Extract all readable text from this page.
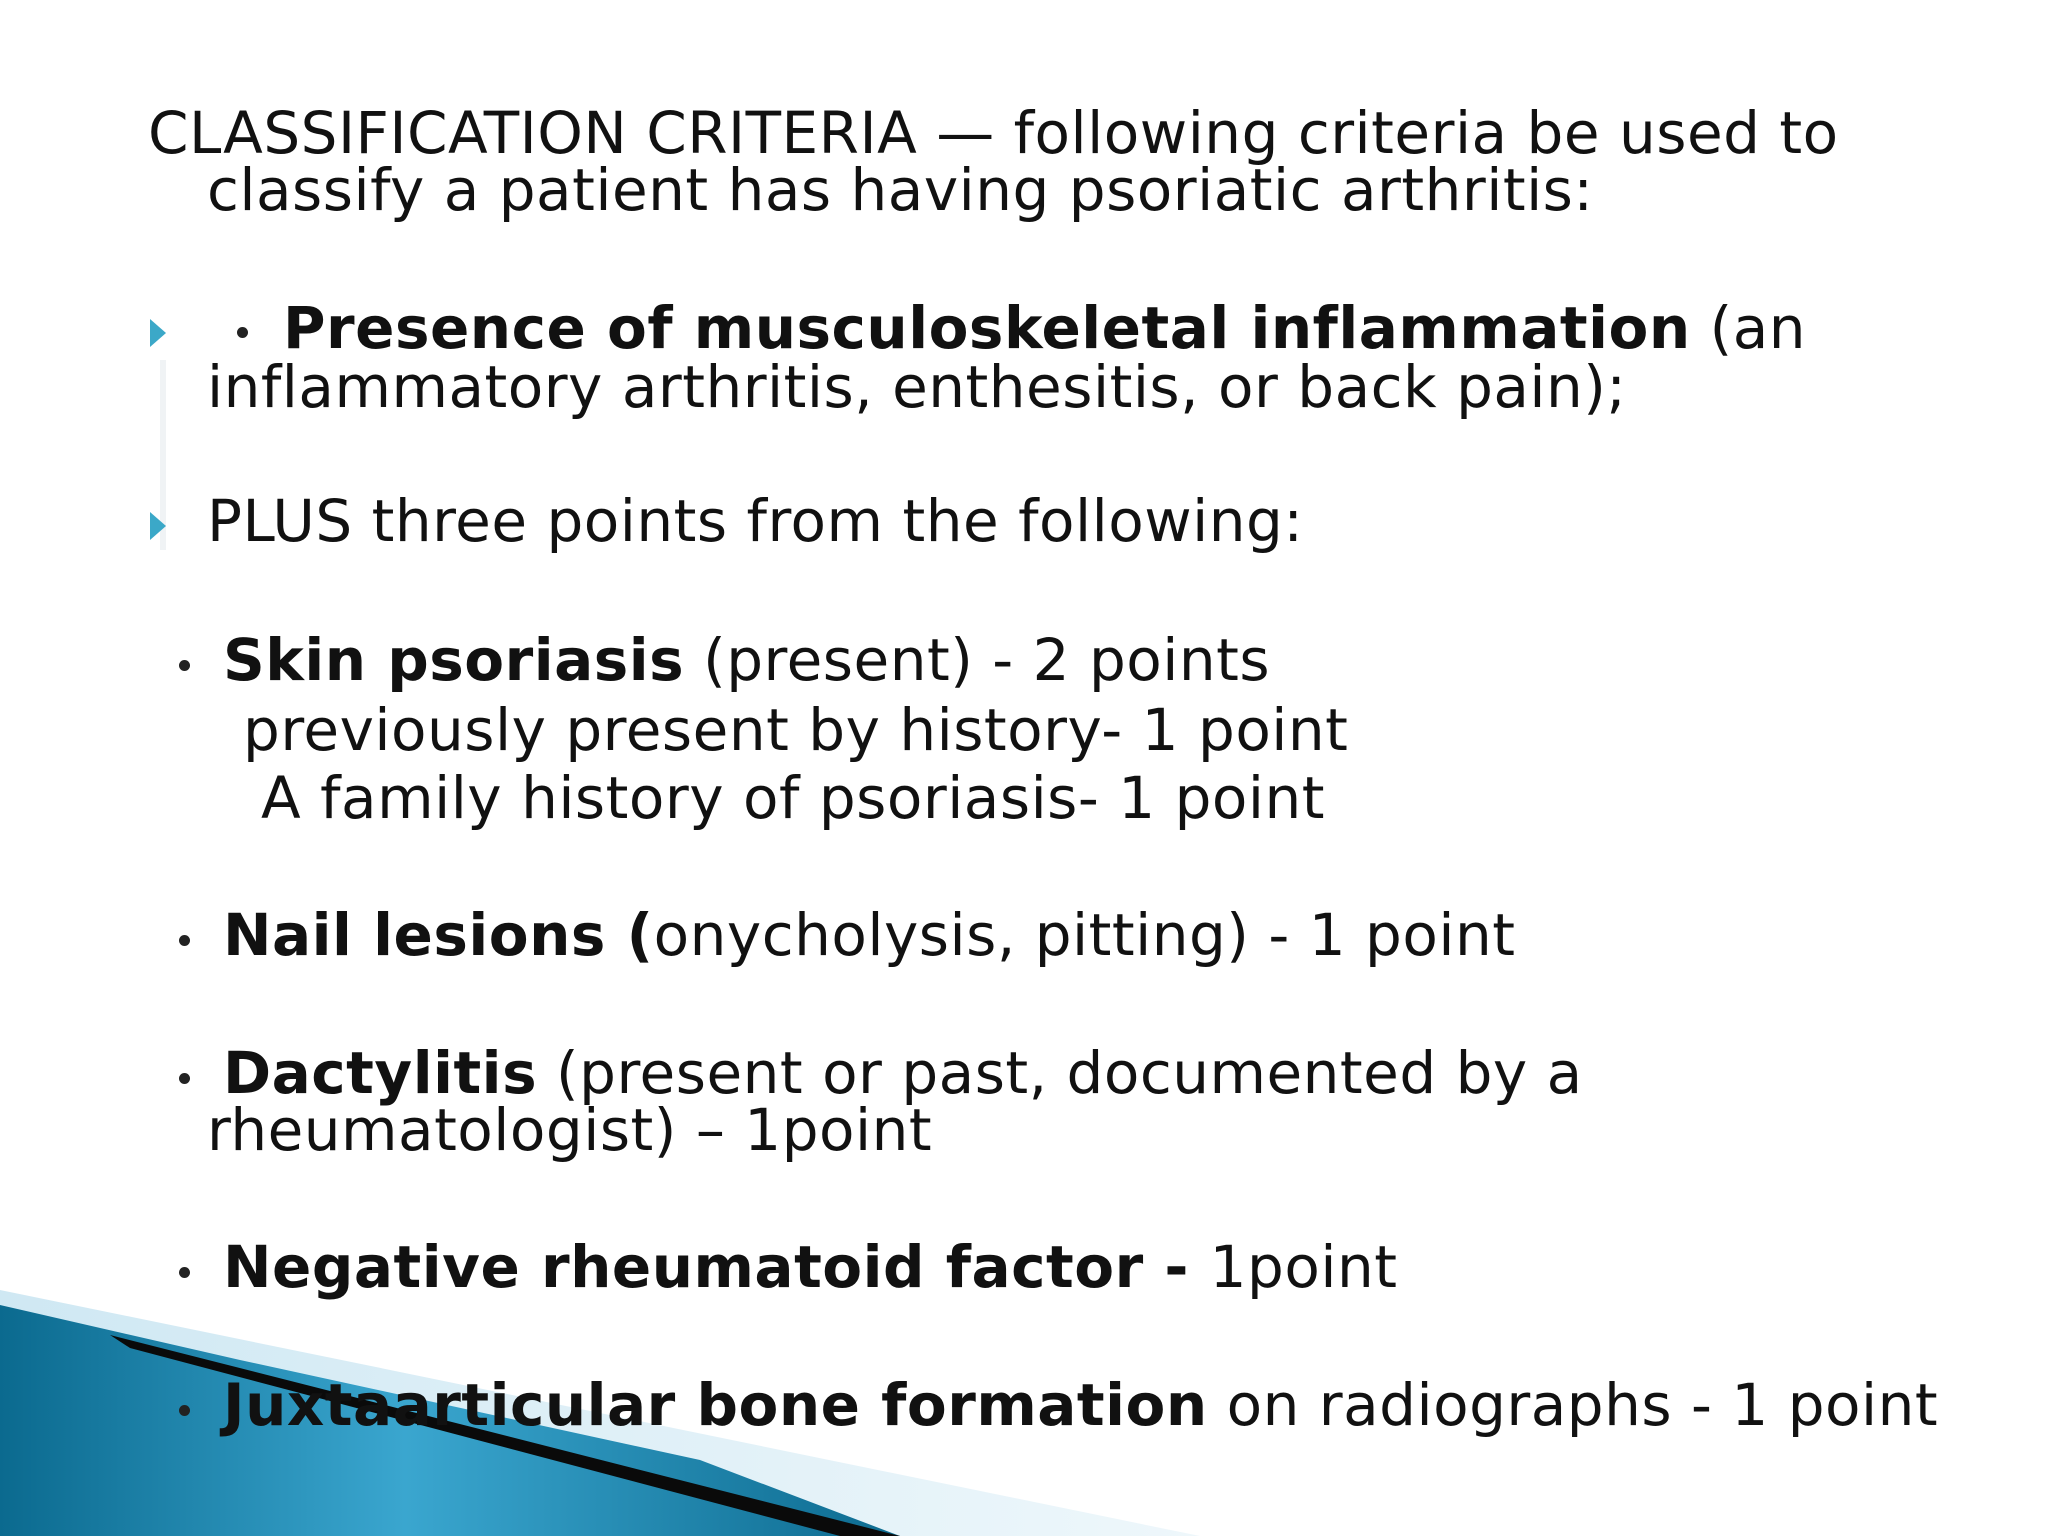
CLASSIFICATION CRITERIA — following criteria be used to
classify a patient has having psoriatic arthritis:
Presence of musculoskeletal inflammation (an
inflammatory arthritis, enthesitis, or back pain);
PLUS three points from the following:
Skin psoriasis (present) - 2 points
previously present by history- 1 point
A family history of psoriasis- 1 point
Nail lesions (onycholysis, pitting) - 1 point
Dactylitis (present or past, documented by a
rheumatologist) – 1point
Negative rheumatoid factor - 1point
Juxtaarticular bone formation on radiographs - 1 point
